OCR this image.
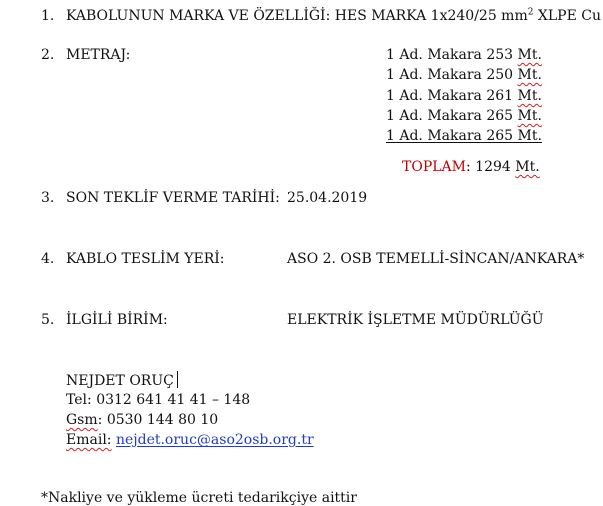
1. KABOLUNUN MARKA VE ÖZELLİĞİ: HES MARKA 1x240/25 $mm^2$ XLPE Cu
2. METRAJ:	1 Ad. Makara 253 Mt.
1 Ad. Makara 250 Mt.
1 Ad. Makara 261 Mt.
1 Ad. Makara 265 Mt.
1 Ad. Makara 265 Mt.
TOPLAM: 1294 Mt.
3. SON TEKLİF VERME TARİHİ: 25.04.2019
4. KABLO TESLİM YERİ:	ASO 2. OSB TEMELLİ-SİNCAN/ANKARA*
5. İLGİLİ BİRİM:	ELEKTRİK İŞLETME MÜDÜRLÜĞÜ
NEJDET ORUÇ
Tel: 0312 641 41 41 – 148
Gsm: 0530 144 80 10
Email: nejdet.oruc@aso2osb.org.tr
*Nakliye ve yükleme ücreti tedarikçiye aittir
